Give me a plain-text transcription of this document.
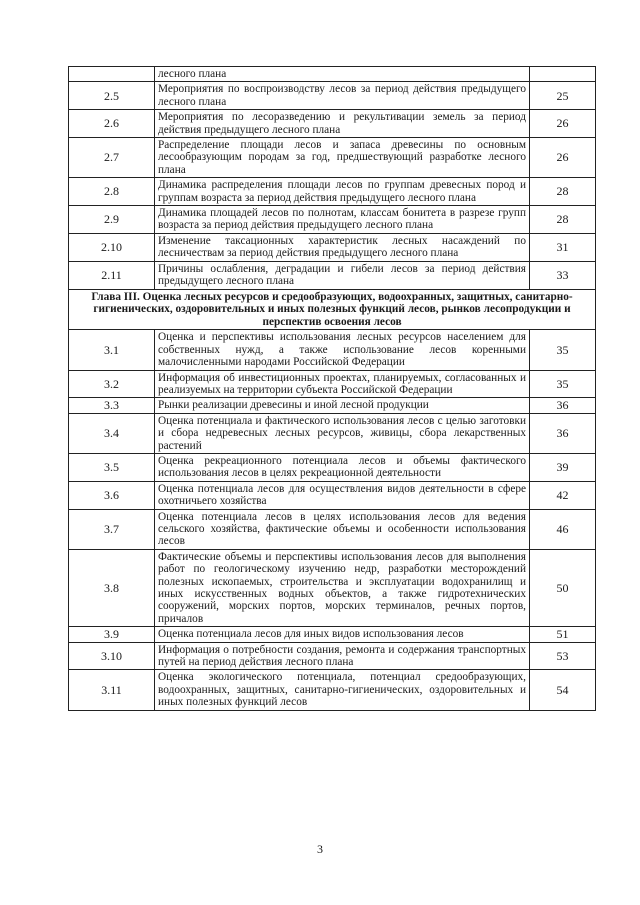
	лесного плана	
2.5	Мероприятия по воспроизводству лесов за период действия предыдущего лесного плана	25
2.6	Мероприятия по лесоразведению и рекультивации земель за период действия предыдущего лесного плана	26
2.7	Распределение площади лесов и запаса древесины по основным лесообразующим породам за год, предшествующий разработке лесного плана	26
2.8	Динамика распределения площади лесов по группам древесных пород и группам возраста за период действия предыдущего лесного плана	28
2.9	Динамика площадей лесов по полнотам, классам бонитета в разрезе групп возраста за период действия предыдущего лесного плана	28
2.10	Изменение таксационных характеристик лесных насаждений по лесничествам за период действия предыдущего лесного плана	31
2.11	Причины ослабления, деградации и гибели лесов за период действия предыдущего лесного плана	33
Глава III. Оценка лесных ресурсов и средообразующих, водоохранных, защитных, санитарно-гигиенических, оздоровительных и иных полезных функций лесов, рынков лесопродукции и перспектив освоения лесов		
3.1	Оценка и перспективы использования лесных ресурсов населением для собственных нужд, а также использование лесов коренными малочисленными народами Российской Федерации	35
3.2	Информация об инвестиционных проектах, планируемых, согласованных и реализуемых на территории субъекта Российской Федерации	35
3.3	Рынки реализации древесины и иной лесной продукции	36
3.4	Оценка потенциала и фактического использования лесов с целью заготовки и сбора недревесных лесных ресурсов, живицы, сбора лекарственных растений	36
3.5	Оценка рекреационного потенциала лесов и объемы фактического использования лесов в целях рекреационной деятельности	39
3.6	Оценка потенциала лесов для осуществления видов деятельности в сфере охотничьего хозяйства	42
3.7	Оценка потенциала лесов в целях использования лесов для ведения сельского хозяйства, фактические объемы и особенности использования лесов	46
3.8	Фактические объемы и перспективы использования лесов для выполнения работ по геологическому изучению недр, разработки месторождений полезных ископаемых, строительства и эксплуатации водохранилищ и иных искусственных водных объектов, а также гидротехнических сооружений, морских портов, морских терминалов, речных портов, причалов	50
3.9	Оценка потенциала лесов для иных видов использования лесов	51
3.10	Информация о потребности создания, ремонта и содержания транспортных путей на период действия лесного плана	53
3.11	Оценка экологического потенциала, потенциал средообразующих, водоохранных, защитных, санитарно-гигиенических, оздоровительных и иных полезных функций лесов	54
3
